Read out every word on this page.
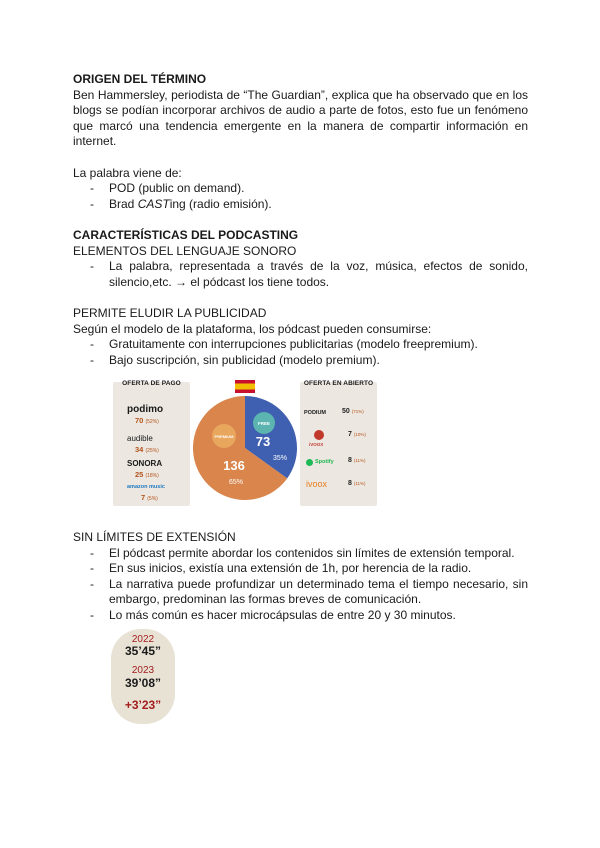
ORIGEN DEL TÉRMINO

Ben Hammersley, periodista de “The Guardian”, explica que ha observado que en los blogs se podían incorporar archivos de audio a parte de fotos, esto fue un fenómeno que marcó una tendencia emergente en la manera de compartir información en internet.

La palabra viene de:

- POD (public on demand).
- Brad CASTing (radio emisión).

CARACTERÍSTICAS DEL PODCASTING

ELEMENTOS DEL LENGUAJE SONORO

- La palabra, representada a través de la voz, música, efectos de sonido, silencio,etc. → el pódcast los tiene todos.

PERMITE ELUDIR LA PUBLICIDAD

Según el modelo de la plataforma, los pódcast pueden consumirse:

- Gratuitamente con interrupciones publicitarias (modelo freepremium).
- Bajo suscripción, sin publicidad (modelo premium).
OFERTA DE PAGO
podimo
70 (52%)
audible
34 (25%)
SONORA
25 (18%)
amazon music
7 (5%)
FREE
PREMIUM 73
35%
136
65%
OFERTA EN ABIERTO
PODIUM 50 (71%)
iVOOX
7 (10%)
Spotify 8 (11%)
ivoox	8 (11%)

SIN LÍMITES DE EXTENSIÓN

- El pódcast permite abordar los contenidos sin límites de extensión temporal.
- En sus inicios, existía una extensión de 1h, por herencia de la radio.
- La narrativa puede profundizar un determinado tema el tiempo necesario, sin embargo, predominan las formas breves de comunicación.
- Lo más común es hacer microcápsulas de entre 20 y 30 minutos.
2022
35’45”
2023
39’08”
+3’23”
